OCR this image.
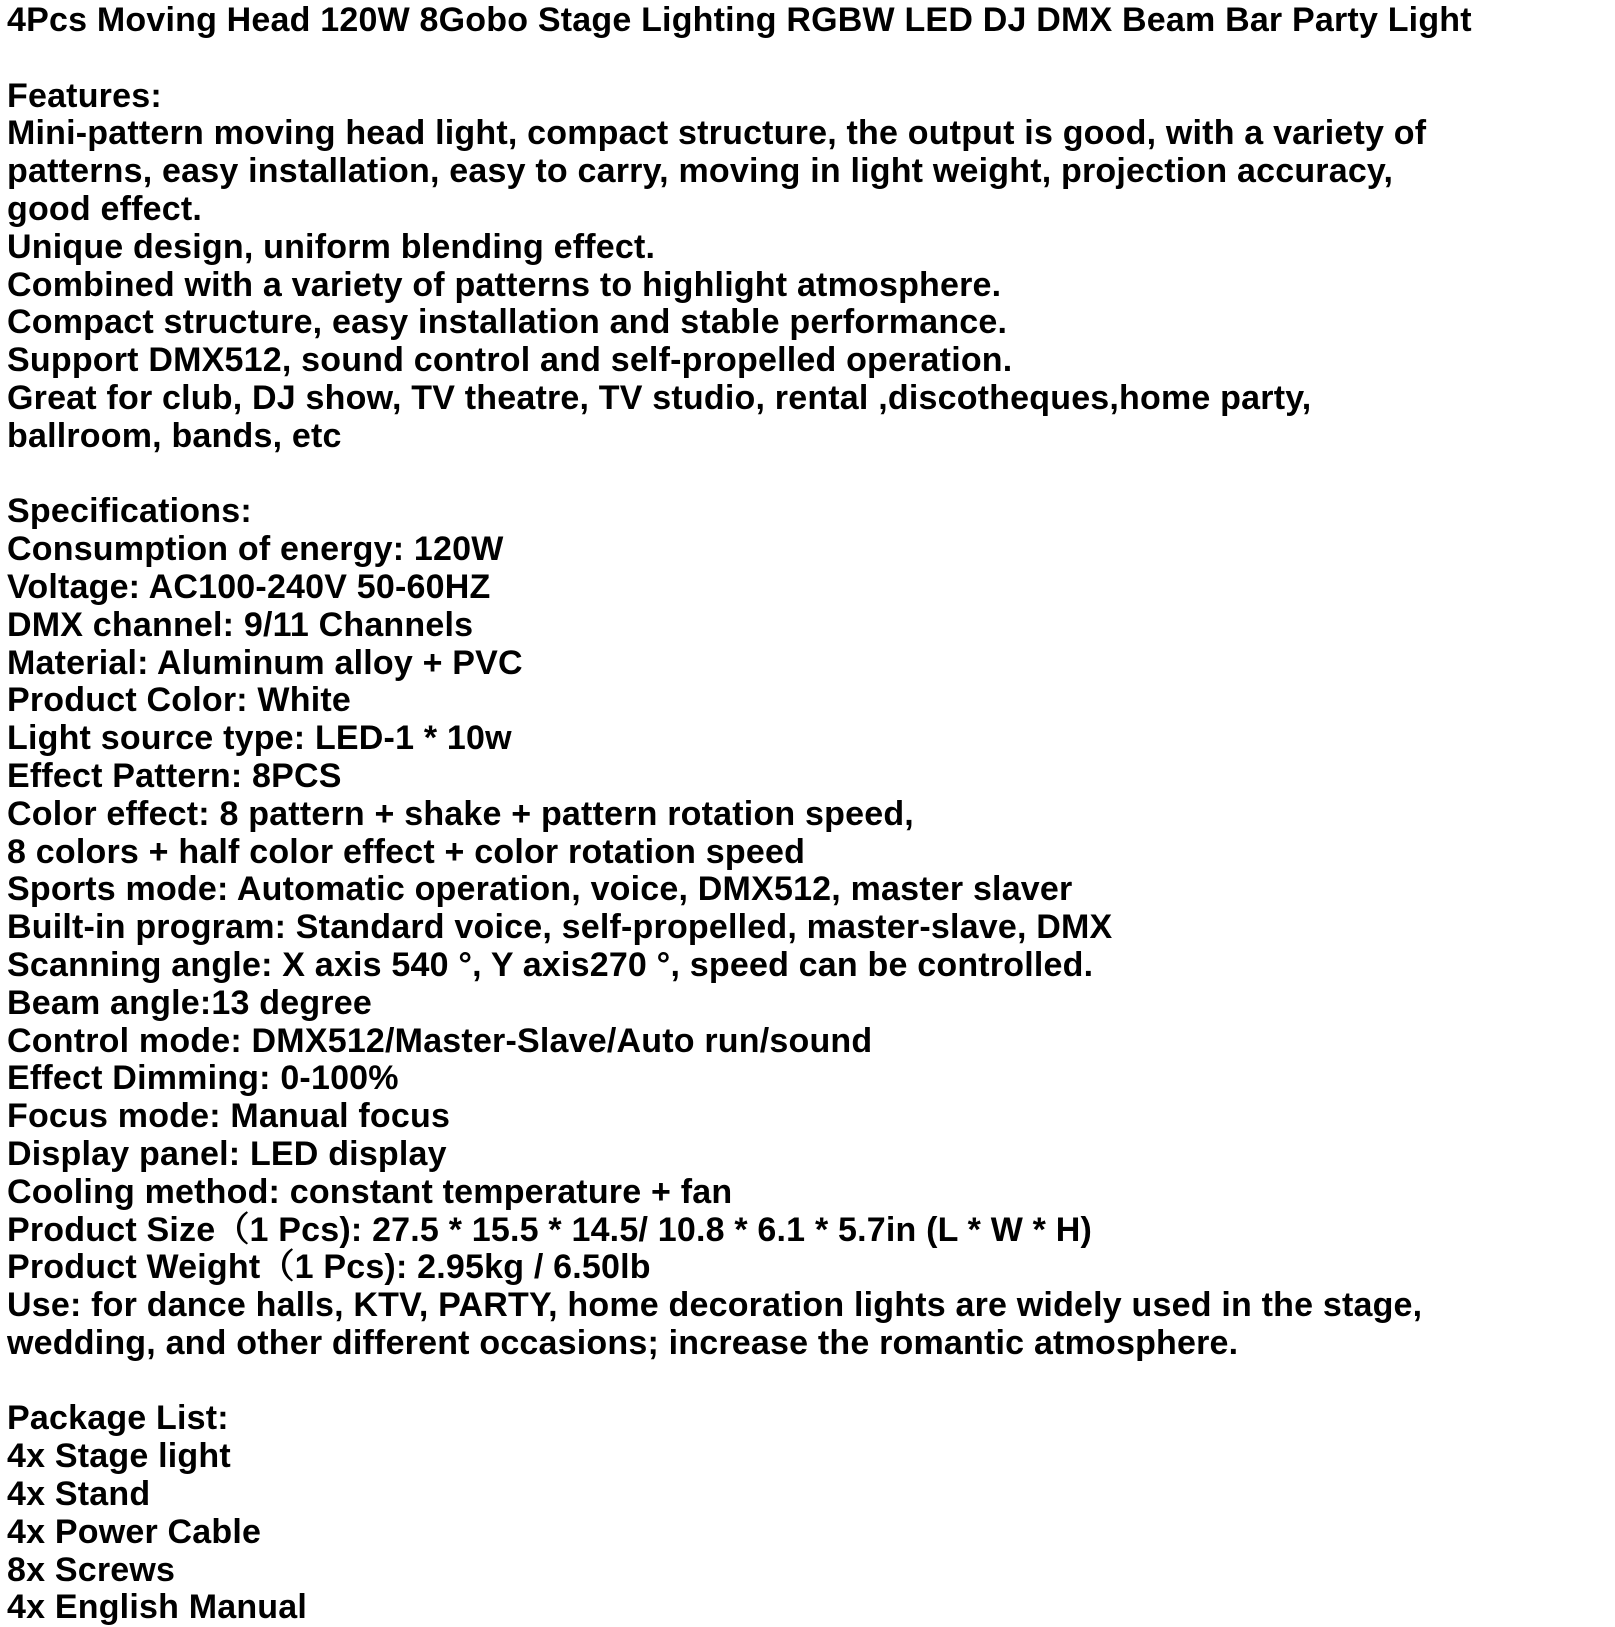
4Pcs Moving Head 120W 8Gobo Stage Lighting RGBW LED DJ DMX Beam Bar Party Light
Features:
Mini-pattern moving head light, compact structure, the output is good, with a variety of
patterns, easy installation, easy to carry, moving in light weight, projection accuracy,
good effect.
Unique design, uniform blending effect.
Combined with a variety of patterns to highlight atmosphere.
Compact structure, easy installation and stable performance.
Support DMX512, sound control and self-propelled operation.
Great for club, DJ show, TV theatre, TV studio, rental ,discotheques,home party,
ballroom, bands, etc
Specifications:
Consumption of energy: 120W
Voltage: AC100-240V 50-60HZ
DMX channel: 9/11 Channels
Material: Aluminum alloy + PVC
Product Color: White
Light source type: LED-1 * 10w
Effect Pattern: 8PCS
Color effect: 8 pattern + shake + pattern rotation speed,
8 colors + half color effect + color rotation speed
Sports mode: Automatic operation, voice, DMX512, master slaver
Built-in program: Standard voice, self-propelled, master-slave, DMX
Scanning angle: X axis 540 °, Y axis270 °, speed can be controlled.
Beam angle:13 degree
Control mode: DMX512/Master-Slave/Auto run/sound
Effect Dimming: 0-100%
Focus mode: Manual focus
Display panel: LED display
Cooling method: constant temperature + fan
Product Size（1 Pcs): 27.5 * 15.5 * 14.5/ 10.8 * 6.1 * 5.7in (L * W * H)
Product Weight（1 Pcs): 2.95kg / 6.50lb
Use: for dance halls, KTV, PARTY, home decoration lights are widely used in the stage,
wedding, and other different occasions; increase the romantic atmosphere.
Package List:
4x Stage light
4x Stand
4x Power Cable
8x Screws
4x English Manual
